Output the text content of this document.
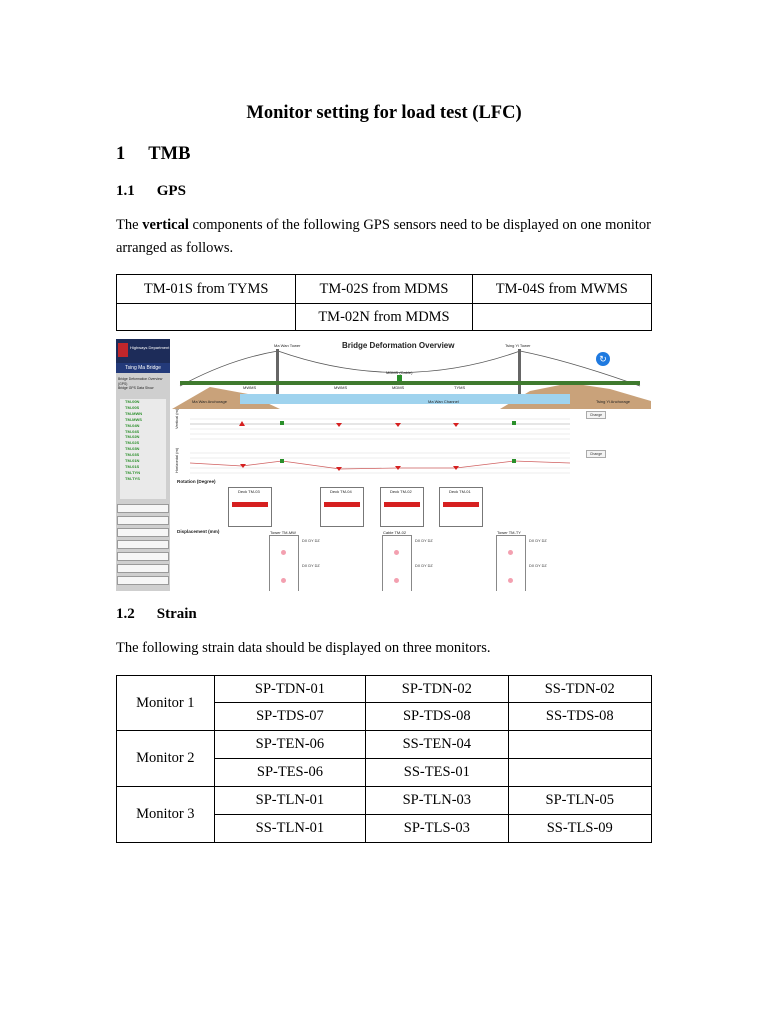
Monitor setting for load test (LFC)
1 TMB
1.1 GPS
The vertical components of the following GPS sensors need to be displayed on one monitor arranged as follows.
TM-01S from TYMS	TM-02S from MDMS	TM-04S from MWMS
	TM-02N from MDMS	
Highways Department
Tsing Ma Bridge
Bridge Deformation Overview (GPS)
Bridge GPS Data Show
TM-00N
TM-00S
TM-MWN
TM-MWS
TM-04N
TM-04S
TM-02N
TM-02S
TM-03N
TM-03S
TM-01N
TM-01S
TM-TYN
TM-TYS
Bridge Deformation Overview
↻
Ma Wan Tower	Tsing Yi Tower
MDMS (Cable)
MWMS	MWMS	MDMS	TYMS
Ma Wan Anchorage	Ma Wan Channel	Tsing Yi Anchorage
Vertical (m)
Horizontal (m)
Change
Change
Rotation (Degree)
Deck TM-03	Deck TM-04	Deck TM-02	Deck TM-01
Displacement (mm)	Tower TM-MW
DX DY DZ
DX DY DZ
Cable TM-02
DX DY DZ
DX DY DZ
Tower TM-TY
DX DY DZ
DX DY DZ
1.2 Strain
The following strain data should be displayed on three monitors.
Monitor 1	SP-TDN-01	SP-TDN-02	SS-TDN-02
	SP-TDS-07	SP-TDS-08	SS-TDS-08
Monitor 2	SP-TEN-06	SS-TEN-04	
	SP-TES-06	SS-TES-01	
Monitor 3	SP-TLN-01	SP-TLN-03	SP-TLN-05
	SS-TLN-01	SP-TLS-03	SS-TLS-09
